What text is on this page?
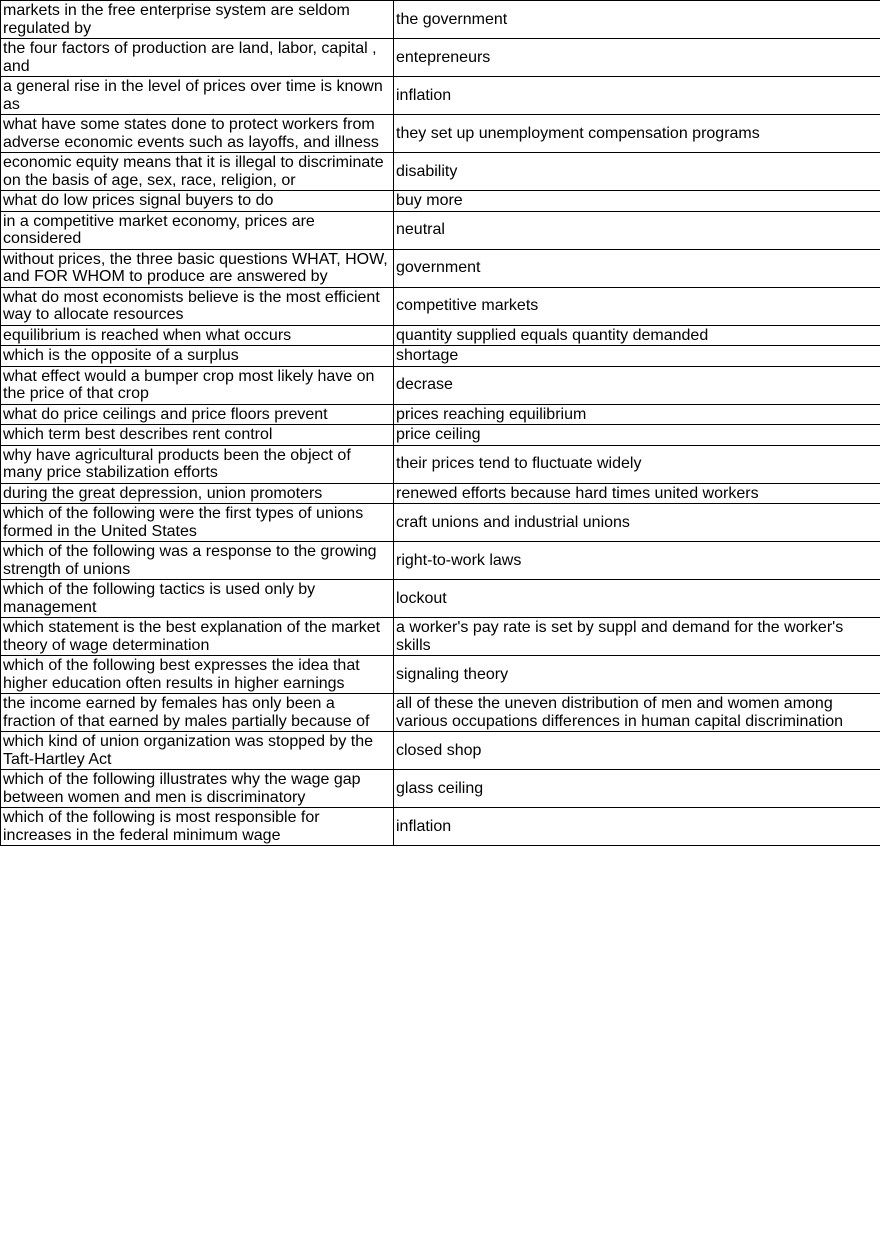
markets in the free enterprise system are seldom regulated by	the government
the four factors of production are land, labor, capital , and	entepreneurs
a general rise in the level of prices over time is known as	inflation
what have some states done to protect workers from adverse economic events such as layoffs, and illness	they set up unemployment compensation programs
economic equity means that it is illegal to discriminate on the basis of age, sex, race, religion, or	disability
what do low prices signal buyers to do	buy more
in a competitive market economy, prices are considered	neutral
without prices, the three basic questions WHAT, HOW, and FOR WHOM to produce are answered by	government
what do most economists believe is the most efficient way to allocate resources	competitive markets
equilibrium is reached when what occurs	quantity supplied equals quantity demanded
which is the opposite of a surplus	shortage
what effect would a bumper crop most likely have on the price of that crop	decrase
what do price ceilings and price floors prevent	prices reaching equilibrium
which term best describes rent control	price ceiling
why have agricultural products been the object of many price stabilization efforts	their prices tend to fluctuate widely
during the great depression, union promoters	renewed efforts because hard times united workers
which of the following were the first types of unions formed in the United States	craft unions and industrial unions
which of the following was a response to the growing strength of unions	right-to-work laws
which of the following tactics is used only by management	lockout
which statement is the best explanation of the market theory of wage determination	a worker's pay rate is set by suppl and demand for the worker's skills
which of the following best expresses the idea that higher education often results in higher earnings	signaling theory
the income earned by females has only been a fraction of that earned by males partially because of	all of these the uneven distribution of men and women among various occupations differences in human capital discrimination
which kind of union organization was stopped by the Taft-Hartley Act	closed shop
which of the following illustrates why the wage gap between women and men is discriminatory	glass ceiling
which of the following is most responsible for increases in the federal minimum wage	inflation
